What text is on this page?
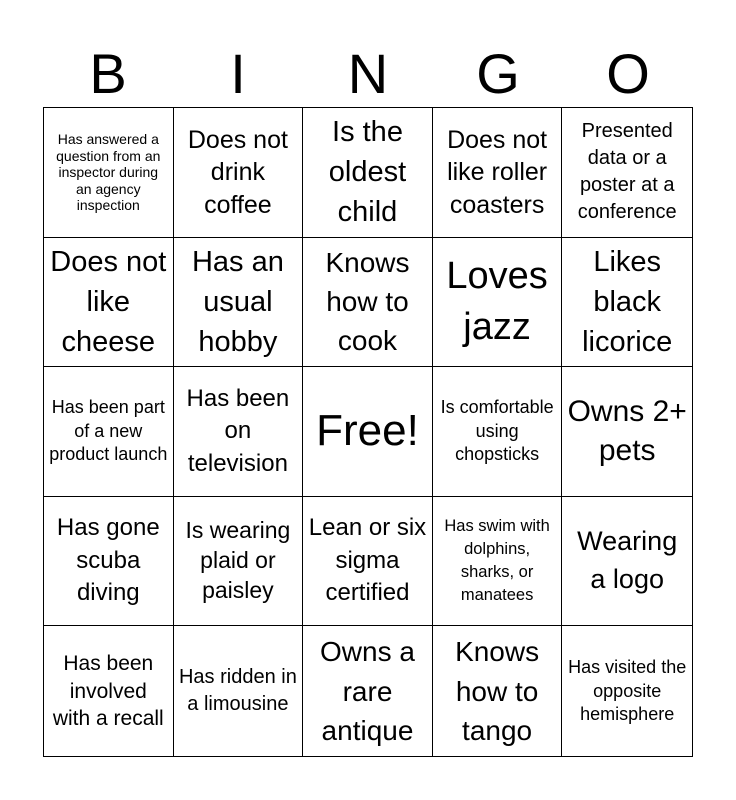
B	I	N	G	O
Has answered a question from an inspector during an agency inspection
Does not drink coffee
Is the oldest child
Does not like roller coasters
Presented data or a poster at a conference
Does not like cheese
Has an usual hobby
Knows how to cook
Loves jazz
Likes black licorice
Has been part of a new product launch
Has been on television
Free!	Is comfortable using chopsticks
Owns 2+ pets
Has gone scuba diving
Is wearing plaid or paisley
Lean or six sigma certified
Has swim with dolphins, sharks, or manatees
Wearing a logo
Has been involved with a recall
Has ridden in a limousine
Owns a rare antique
Knows how to tango
Has visited the opposite hemisphere
